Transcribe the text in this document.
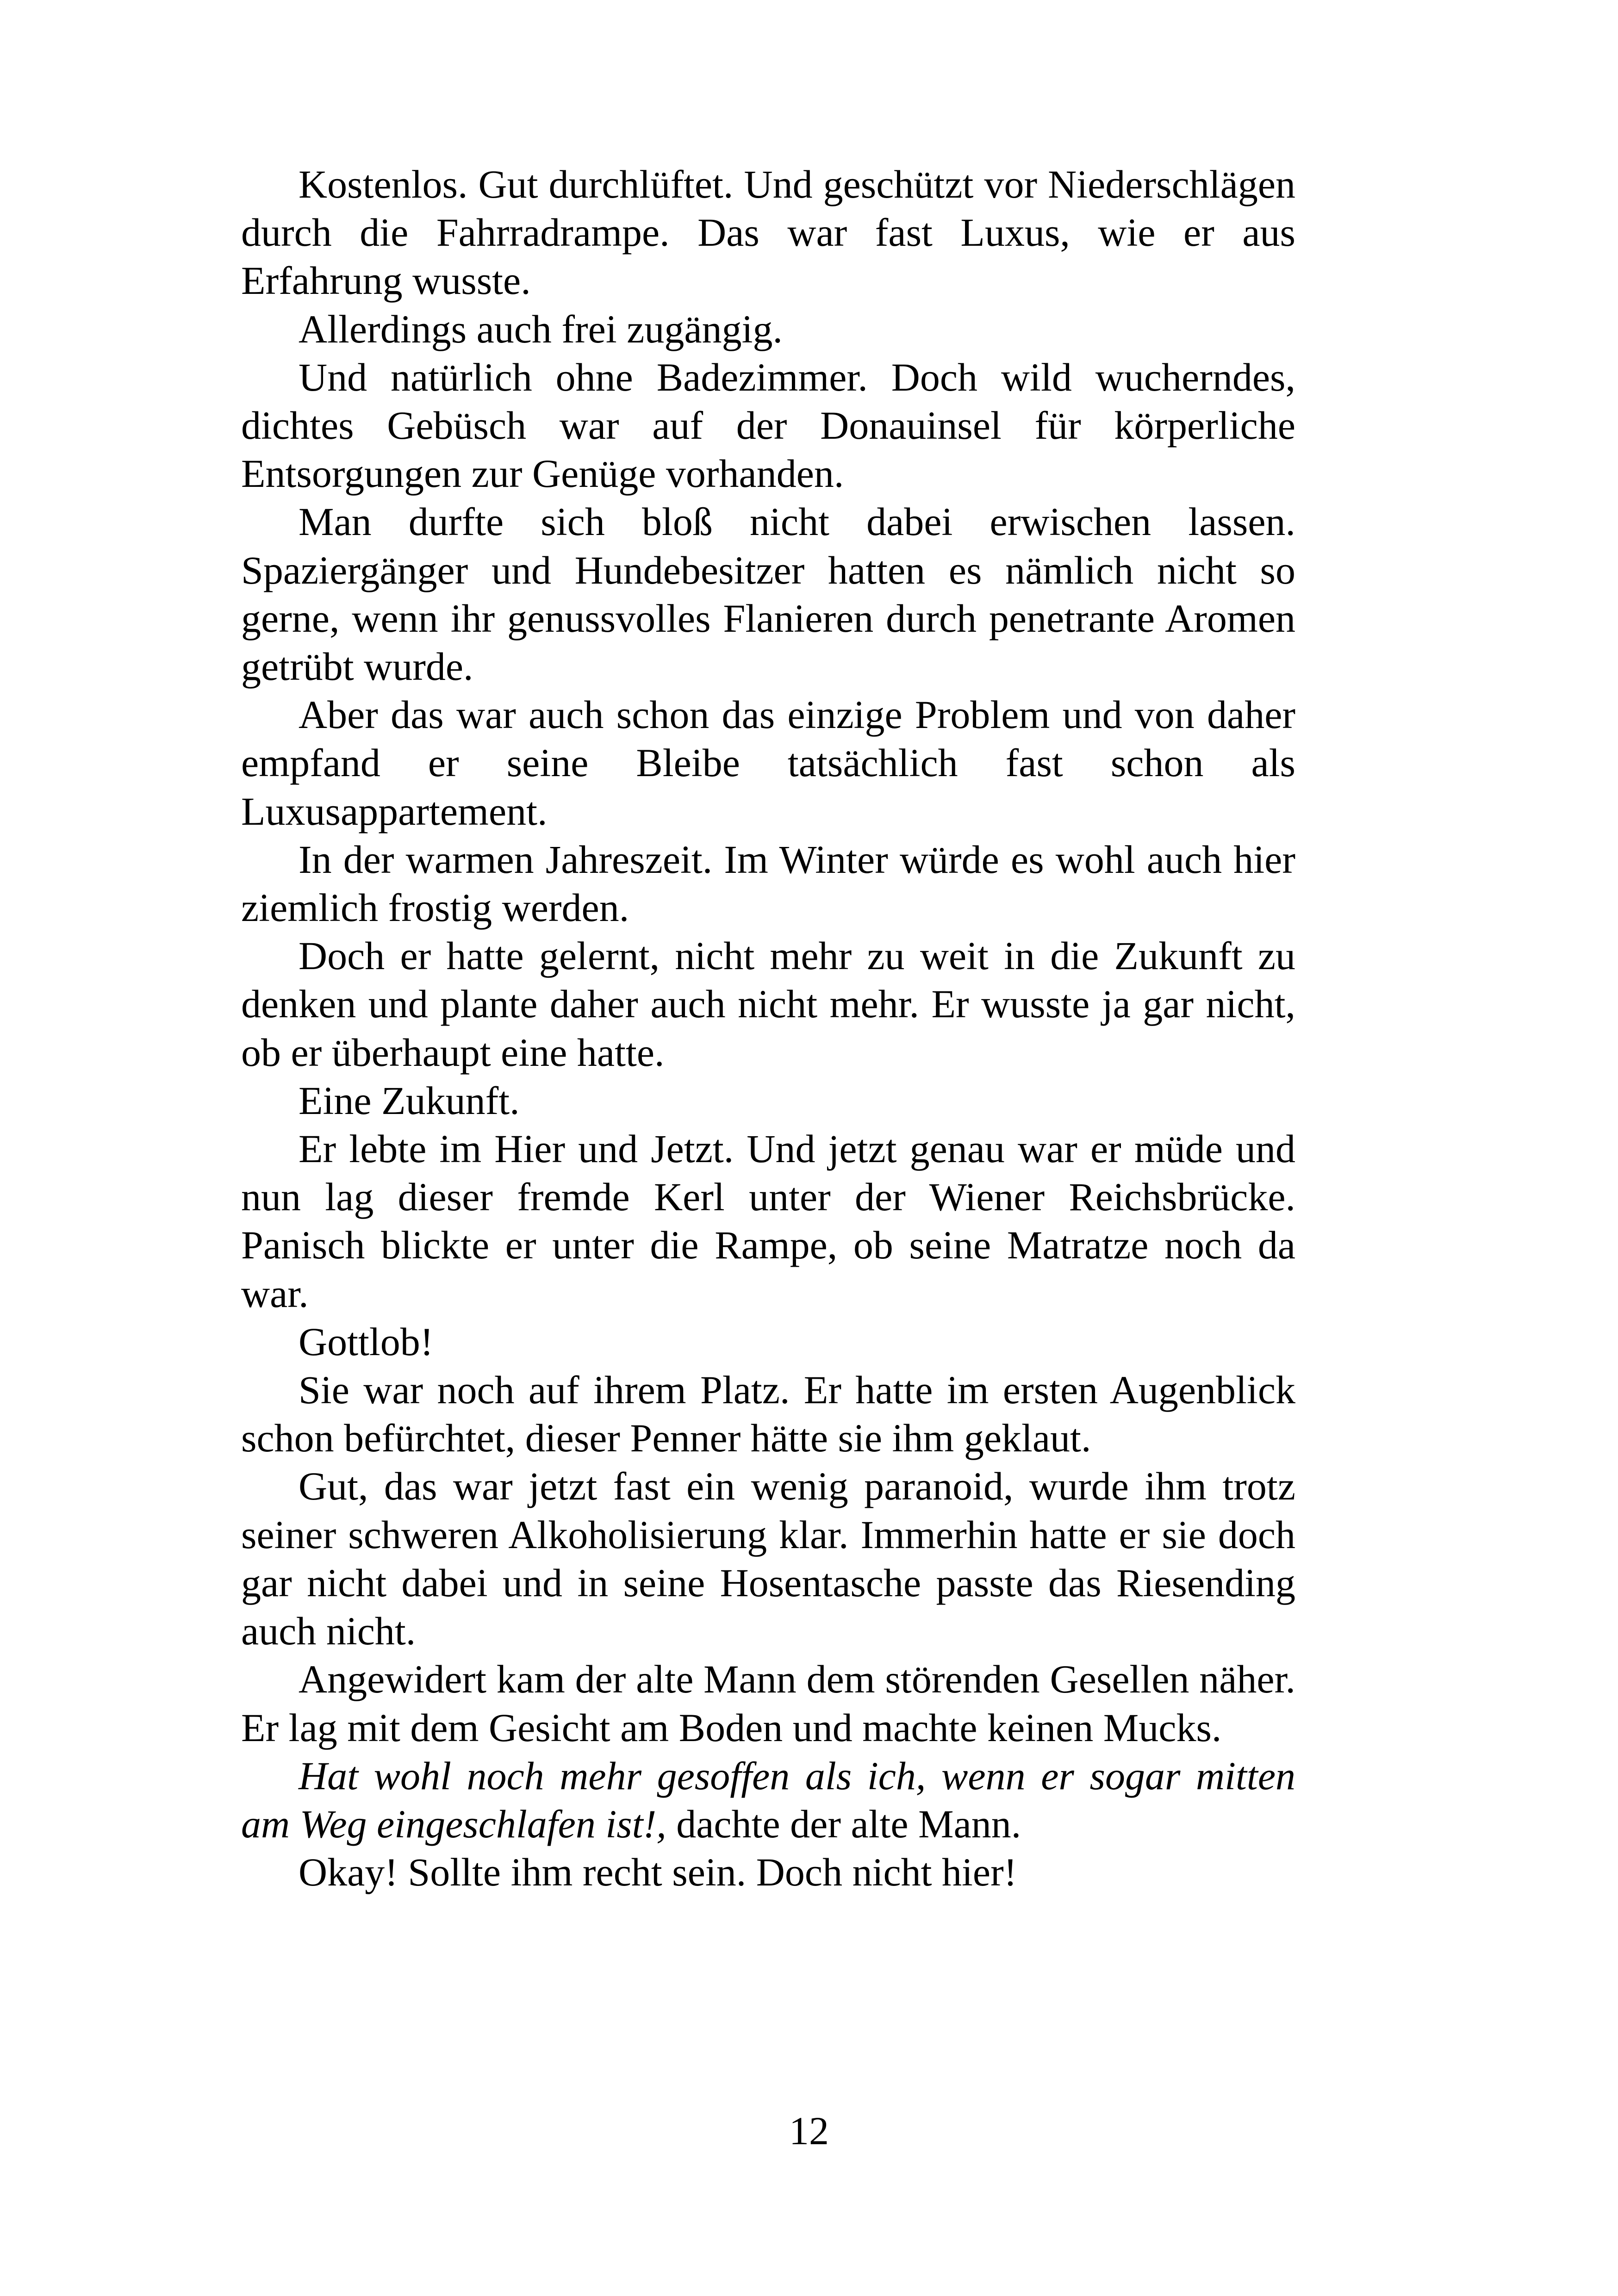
Kostenlos. Gut durchlüftet. Und geschützt vor Niederschlägen durch die Fahrradrampe. Das war fast Luxus, wie er aus Erfahrung wusste.

Allerdings auch frei zugängig.

Und natürlich ohne Badezimmer. Doch wild wucherndes, dichtes Gebüsch war auf der Donauinsel für körperliche Entsorgungen zur Genüge vorhanden.

Man durfte sich bloß nicht dabei erwischen lassen. Spaziergänger und Hundebesitzer hatten es nämlich nicht so gerne, wenn ihr genussvolles Flanieren durch penetrante Aromen getrübt wurde.

Aber das war auch schon das einzige Problem und von daher empfand er seine Bleibe tatsächlich fast schon als Luxusappartement.

In der warmen Jahreszeit. Im Winter würde es wohl auch hier ziemlich frostig werden.

Doch er hatte gelernt, nicht mehr zu weit in die Zukunft zu denken und plante daher auch nicht mehr. Er wusste ja gar nicht, ob er überhaupt eine hatte.

Eine Zukunft.

Er lebte im Hier und Jetzt. Und jetzt genau war er müde und nun lag dieser fremde Kerl unter der Wiener Reichsbrücke. Panisch blickte er unter die Rampe, ob seine Matratze noch da war.

Gottlob!

Sie war noch auf ihrem Platz. Er hatte im ersten Augenblick schon befürchtet, dieser Penner hätte sie ihm geklaut.

Gut, das war jetzt fast ein wenig paranoid, wurde ihm trotz seiner schweren Alkoholisierung klar. Immerhin hatte er sie doch gar nicht dabei und in seine Hosentasche passte das Riesending auch nicht.

Angewidert kam der alte Mann dem störenden Gesellen näher. Er lag mit dem Gesicht am Boden und machte keinen Mucks.

Hat wohl noch mehr gesoffen als ich, wenn er sogar mitten am Weg eingeschlafen ist!, dachte der alte Mann.

Okay! Sollte ihm recht sein. Doch nicht hier!

12
